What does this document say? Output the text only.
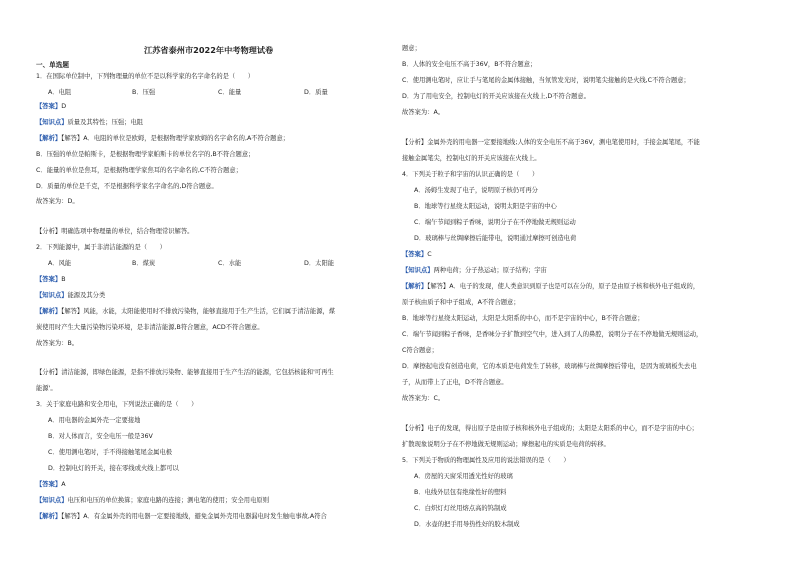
江苏省泰州市2022年中考物理试卷
一、单选题
1．在国际单位制中，下列物理量的单位不是以科学家的名字命名的是（　　）
A．电阻	B．压强	C．能量	D．质量
【答案】D
【知识点】质量及其特性；压强；电阻
【解析】【解答】A．电阻的单位是欧姆，是根据物理学家欧姆的名字命名的,A不符合题意；
B．压强的单位是帕斯卡，是根据物理学家帕斯卡的单位名字的,B不符合题意；
C．能量的单位是焦耳，是根据物理学家焦耳的名字命名的,C不符合题意；
D．质量的单位是千克，不是根据科学家名字命名的,D符合题意。
故答案为：D。
【分析】明确选项中物理量的单位，结合物理常识解答。
2．下列能源中，属于非清洁能源的是（　　）
A．风能	B．煤炭	C．水能	D．太阳能
【答案】B
【知识点】能源及其分类
【解析】【解答】风能，水能，太阳能使用时不排放污染物，能够直接用于生产生活，它们属于清洁能源，煤
炭使用时产生大量污染物污染环境，是非清洁能源,B符合题意，ACD不符合题意。
故答案为：B。
【分析】清洁能源，即绿色能源，是指不排放污染物、能够直接用于生产生活的能源，它包括核能和'可再生
能源'。
3．关于家庭电路和安全用电，下列说法正确的是（　　）
A．用电器的金属外壳一定要接地
B．对人体而言，安全电压一般是36V
C．使用测电笔时，手不得接触笔尾金属电极
D．控制电灯的开关，接在零线或火线上都可以
【答案】A
【知识点】电压和电压的单位换算；家庭电路的连接；测电笔的使用；安全用电原则
【解析】【解答】A．有金属外壳的用电器一定要接地线，避免金属外壳用电器漏电时发生触电事故,A符合
题意；
B．人体的安全电压不高于36V，B不符合题意；
C．使用测电笔时，应让手与笔尾的金属体接触，当氖管发光时，说明笔尖接触的是火线,C不符合题意；
D．为了用电安全，控制电灯的开关应该接在火线上,D不符合题意。
故答案为：A。
【分析】金属外壳的用电器一定要接地线;人体的安全电压不高于36V，测电笔使用时，手接金属笔尾，不能
接触金属笔尖，控制电灯的开关应该接在火线上。
4．下列关于粒子和宇宙的认识正确的是（　　）
A．汤姆生发现了电子，说明原子核仍可再分
B．地球等行星绕太阳运动，说明太阳是宇宙的中心
C．端午节闻到粽子香味，说明分子在不停地做无规则运动
D．玻璃棒与丝绸摩擦后能带电，说明通过摩擦可创造电荷
【答案】C
【知识点】两种电荷；分子热运动；原子结构；宇宙
【解析】【解答】A．电子的发现，使人类意识到原子也是可以在分的，原子是由原子核和核外电子组成的，
原子核由质子和中子组成，A不符合题意；
B．地球等行星绕太阳运动，太阳是太阳系的中心，而不是宇宙的中心，B不符合题意；
C．端午节闻到粽子香味，是香味分子扩散到空气中，进入到了人的鼻腔，说明分子在不停地做无规则运动，
C符合题意；
D．摩擦起电没有创造电荷，它的本质是电荷发生了转移，玻璃棒与丝绸摩擦后带电，是因为玻璃板失去电
子，从而带上了正电，D不符合题意。
故答案为：C。
【分析】电子的发现，得出原子是由原子核和核外电子组成的；太阳是太阳系的中心，而不是宇宙的中心；
扩散现象说明分子在不停地做无规则运动；摩擦起电的实质是电荷的转移。
5．下列关于物质的物理属性及应用的说法错误的是（　　）
A．房屋的天窗采用透光性好的玻璃
B．电线外层包有绝缘性好的塑料
C．白炽灯灯丝用熔点高的钨制成
D．水壶的把手用导热性好的胶木制成
